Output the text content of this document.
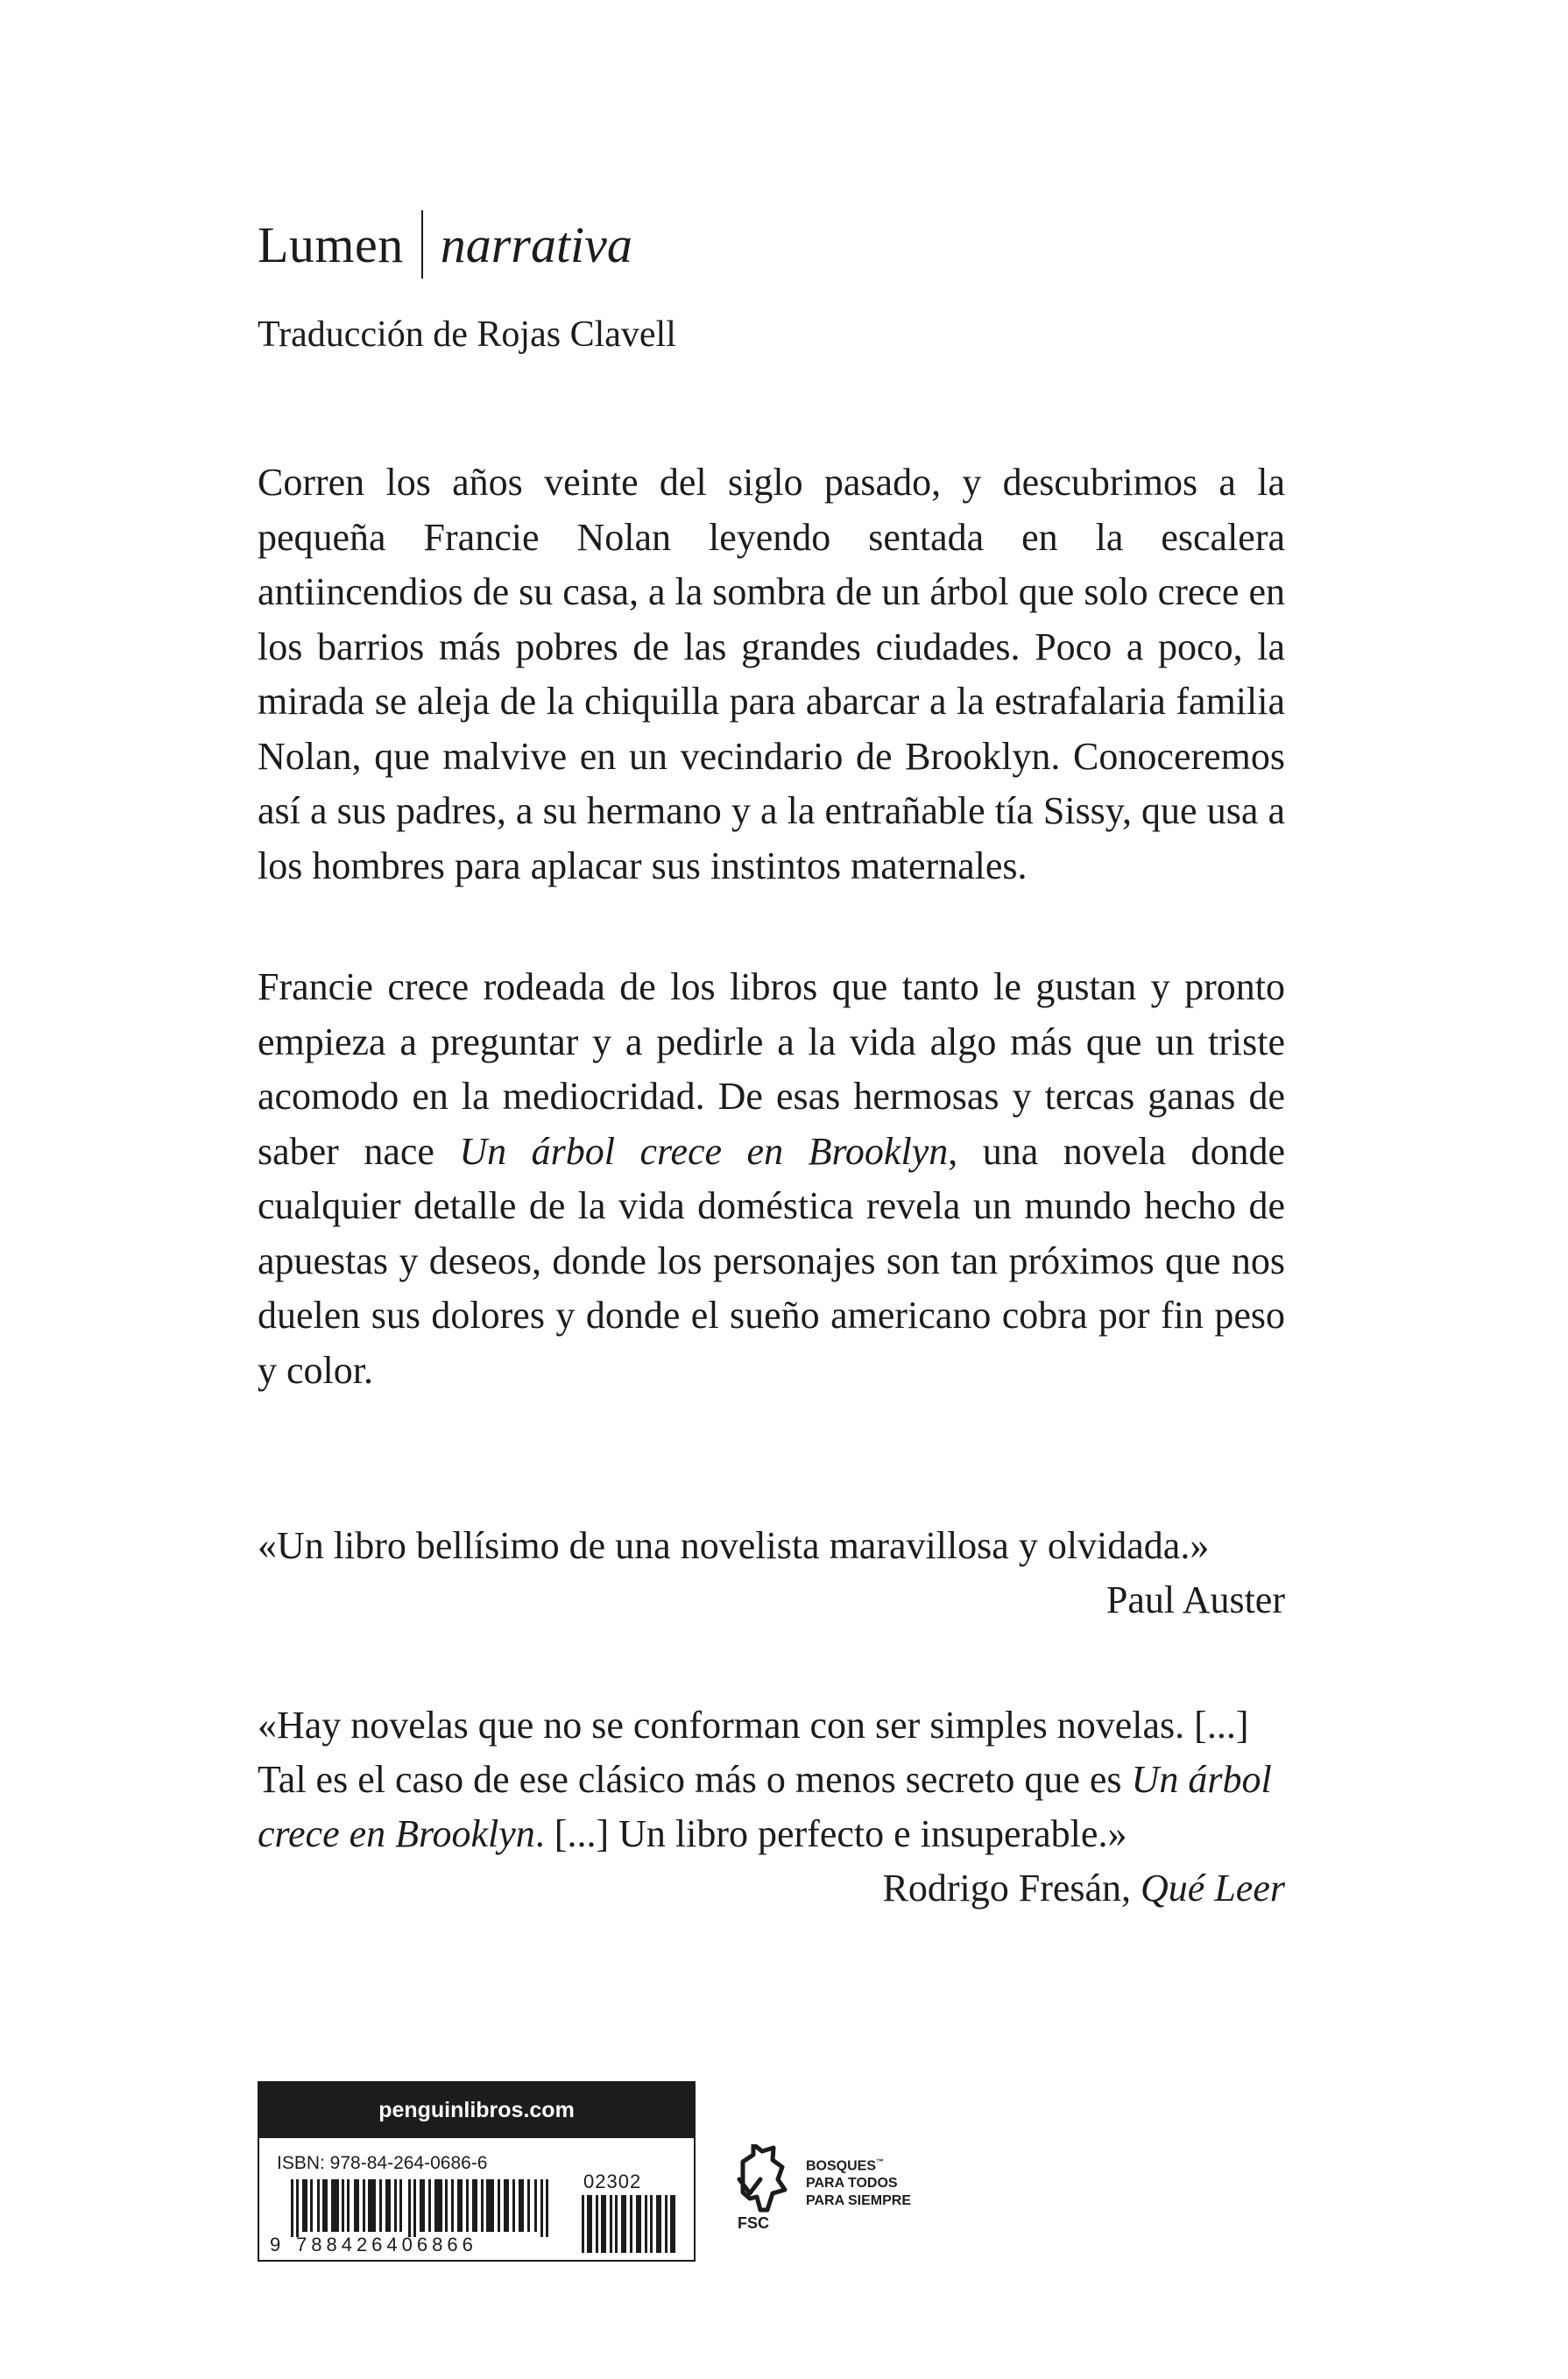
Lumen narrativa
Traducción de Rojas Clavell
Corren los años veinte del siglo pasado, y descubrimos a la pequeña Francie Nolan leyendo sentada en la escalera antiincendios de su casa, a la sombra de un árbol que solo crece en los barrios más pobres de las grandes ciudades. Poco a poco, la mirada se aleja de la chiquilla para abarcar a la estrafalaria familia Nolan, que malvive en un vecindario de Brooklyn. Conoceremos así a sus padres, a su hermano y a la entrañable tía Sissy, que usa a los hombres para aplacar sus instintos maternales.
Francie crece rodeada de los libros que tanto le gustan y pronto empieza a preguntar y a pedirle a la vida algo más que un triste acomodo en la mediocridad. De esas hermosas y tercas ganas de saber nace Un árbol crece en Brooklyn, una novela donde cualquier detalle de la vida doméstica revela un mundo hecho de apuestas y deseos, donde los personajes son tan próximos que nos duelen sus dolores y donde el sueño americano cobra por fin peso y color.
«Un libro bellísimo de una novelista maravillosa y olvidada.»
Paul Auster
«Hay novelas que no se conforman con ser simples novelas. [...] Tal es el caso de ese clásico más o menos secreto que es Un árbol crece en Brooklyn. [...] Un libro perfecto e insuperable.»
Rodrigo Fresán, Qué Leer
penguinlibros.com
ISBN: 978-84-264-0686-6
9 788426406866
02302
FSC
BOSQUES™
PARA TODOS
PARA SIEMPRE
